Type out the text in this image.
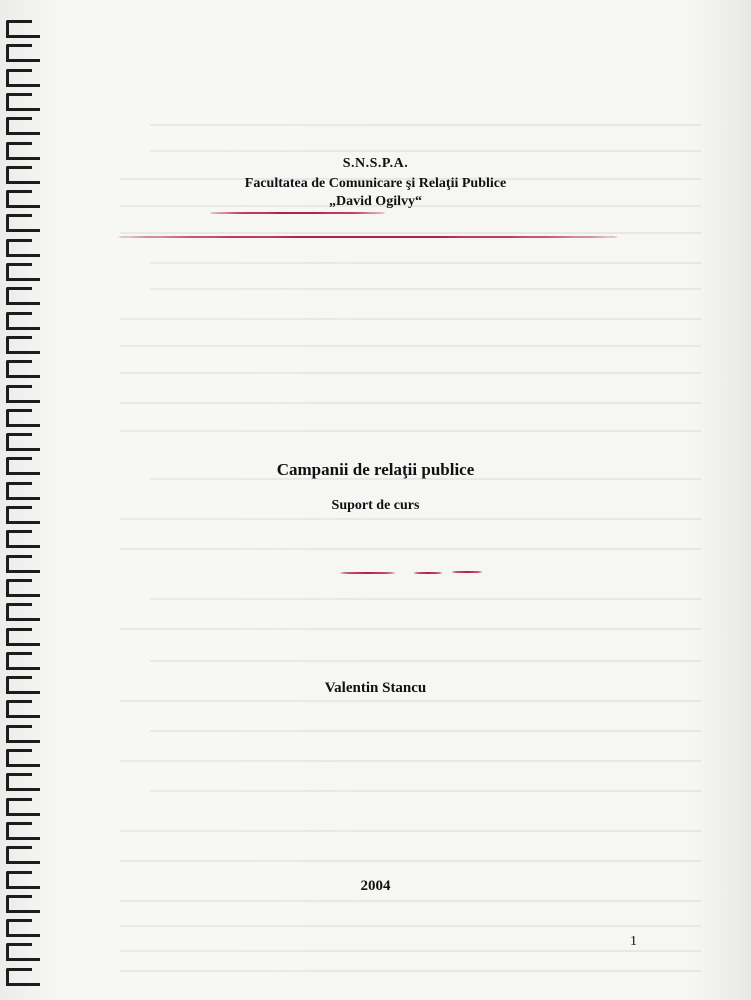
S.N.S.P.A.
Facultatea de Comunicare şi Relaţii Publice
„David Ogilvy“
Campanii de relaţii publice
Suport de curs
Valentin Stancu
2004
1
